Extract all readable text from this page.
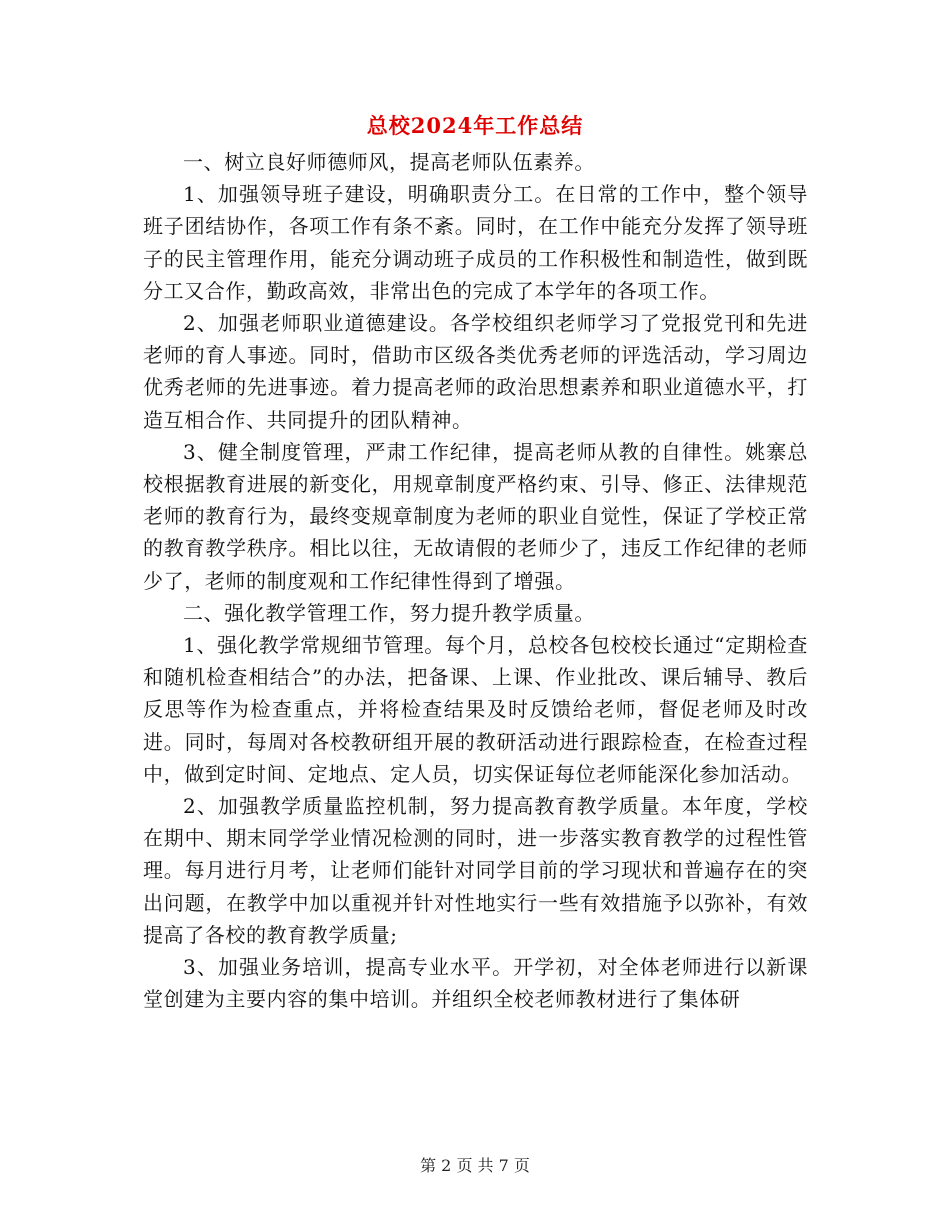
总校2024年工作总结

一、树立良好师德师风，提高老师队伍素养。

1、加强领导班子建设，明确职责分工。在日常的工作中，整个领导班子团结协作，各项工作有条不紊。同时，在工作中能充分发挥了领导班子的民主管理作用，能充分调动班子成员的工作积极性和制造性，做到既分工又合作，勤政高效，非常出色的完成了本学年的各项工作。

2、加强老师职业道德建设。各学校组织老师学习了党报党刊和先进老师的育人事迹。同时，借助市区级各类优秀老师的评选活动，学习周边优秀老师的先进事迹。着力提高老师的政治思想素养和职业道德水平，打造互相合作、共同提升的团队精神。

3、健全制度管理，严肃工作纪律，提高老师从教的自律性。姚寨总校根据教育进展的新变化，用规章制度严格约束、引导、修正、法律规范老师的教育行为，最终变规章制度为老师的职业自觉性，保证了学校正常的教育教学秩序。相比以往，无故请假的老师少了，违反工作纪律的老师少了，老师的制度观和工作纪律性得到了增强。

二、强化教学管理工作，努力提升教学质量。

1、强化教学常规细节管理。每个月，总校各包校校长通过“定期检查和随机检查相结合”的办法，把备课、上课、作业批改、课后辅导、教后反思等作为检查重点，并将检查结果及时反馈给老师，督促老师及时改进。同时，每周对各校教研组开展的教研活动进行跟踪检查，在检查过程中，做到定时间、定地点、定人员，切实保证每位老师能深化参加活动。

2、加强教学质量监控机制，努力提高教育教学质量。本年度，学校在期中、期末同学学业情况检测的同时，进一步落实教育教学的过程性管理。每月进行月考，让老师们能针对同学目前的学习现状和普遍存在的突出问题，在教学中加以重视并针对性地实行一些有效措施予以弥补，有效提高了各校的教育教学质量;

3、加强业务培训，提高专业水平。开学初，对全体老师进行以新课堂创建为主要内容的集中培训。并组织全校老师教材进行了集体研

第 2 页 共 7 页
